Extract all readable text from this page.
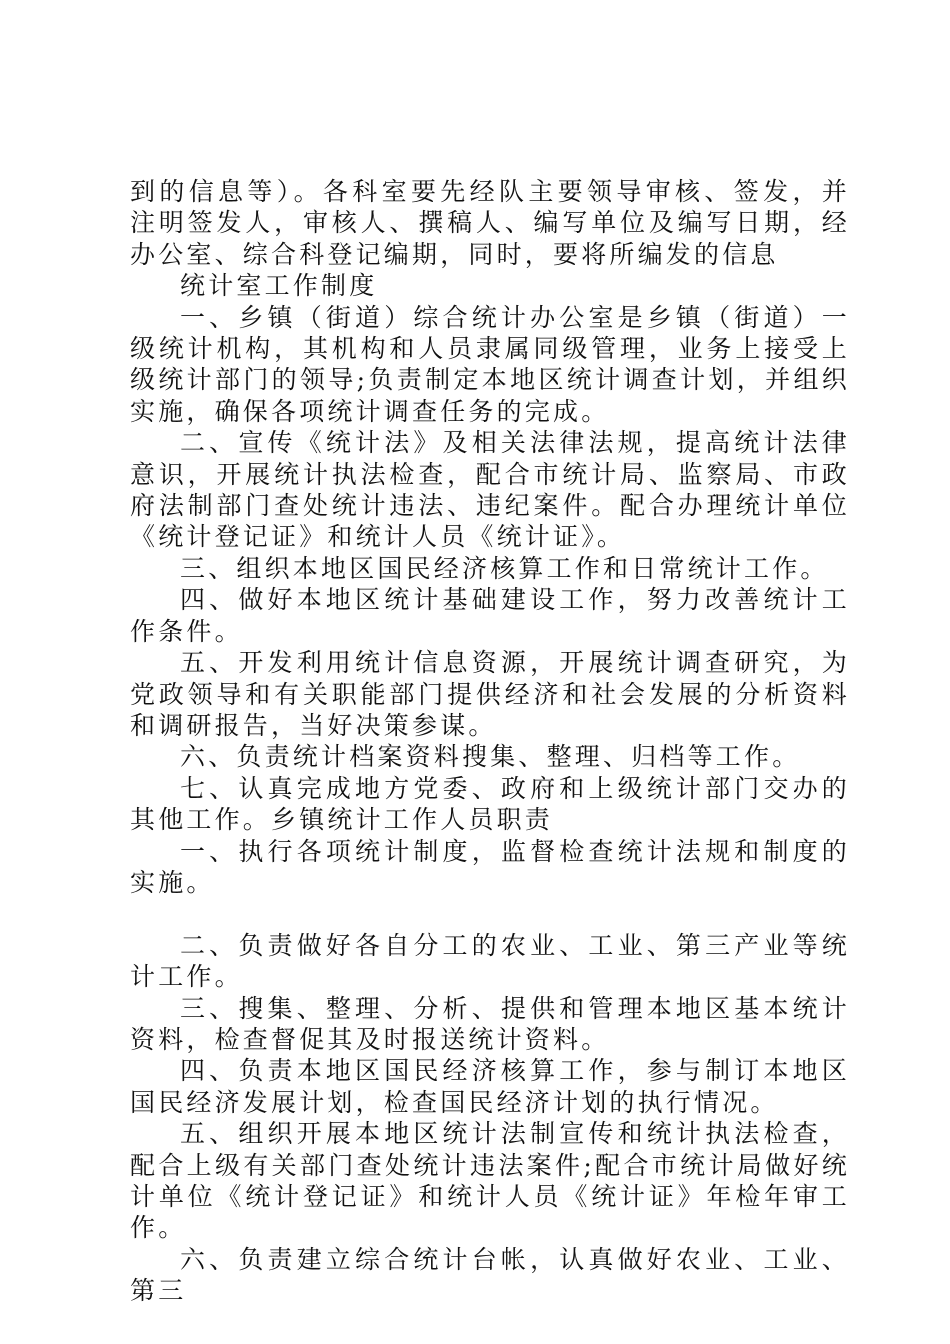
到的信息等）。各科室要先经队主要领导审核、签发，并注明签发人，审核人、撰稿人、编写单位及编写日期，经办公室、综合科登记编期，同时，要将所编发的信息

统计室工作制度

一、乡镇（街道）综合统计办公室是乡镇（街道）一级统计机构，其机构和人员隶属同级管理，业务上接受上级统计部门的领导;负责制定本地区统计调查计划，并组织实施，确保各项统计调查任务的完成。

二、宣传《统计法》及相关法律法规，提高统计法律意识，开展统计执法检查，配合市统计局、监察局、市政府法制部门查处统计违法、违纪案件。配合办理统计单位《统计登记证》和统计人员《统计证》。

三、组织本地区国民经济核算工作和日常统计工作。

四、做好本地区统计基础建设工作，努力改善统计工作条件。

五、开发利用统计信息资源，开展统计调查研究，为党政领导和有关职能部门提供经济和社会发展的分析资料和调研报告，当好决策参谋。

六、负责统计档案资料搜集、整理、归档等工作。

七、认真完成地方党委、政府和上级统计部门交办的其他工作。乡镇统计工作人员职责

一、执行各项统计制度，监督检查统计法规和制度的实施。

二、负责做好各自分工的农业、工业、第三产业等统计工作。

三、搜集、整理、分析、提供和管理本地区基本统计资料，检查督促其及时报送统计资料。

四、负责本地区国民经济核算工作，参与制订本地区国民经济发展计划，检查国民经济计划的执行情况。

五、组织开展本地区统计法制宣传和统计执法检查，配合上级有关部门查处统计违法案件;配合市统计局做好统计单位《统计登记证》和统计人员《统计证》年检年审工作。

六、负责建立综合统计台帐，认真做好农业、工业、第三
